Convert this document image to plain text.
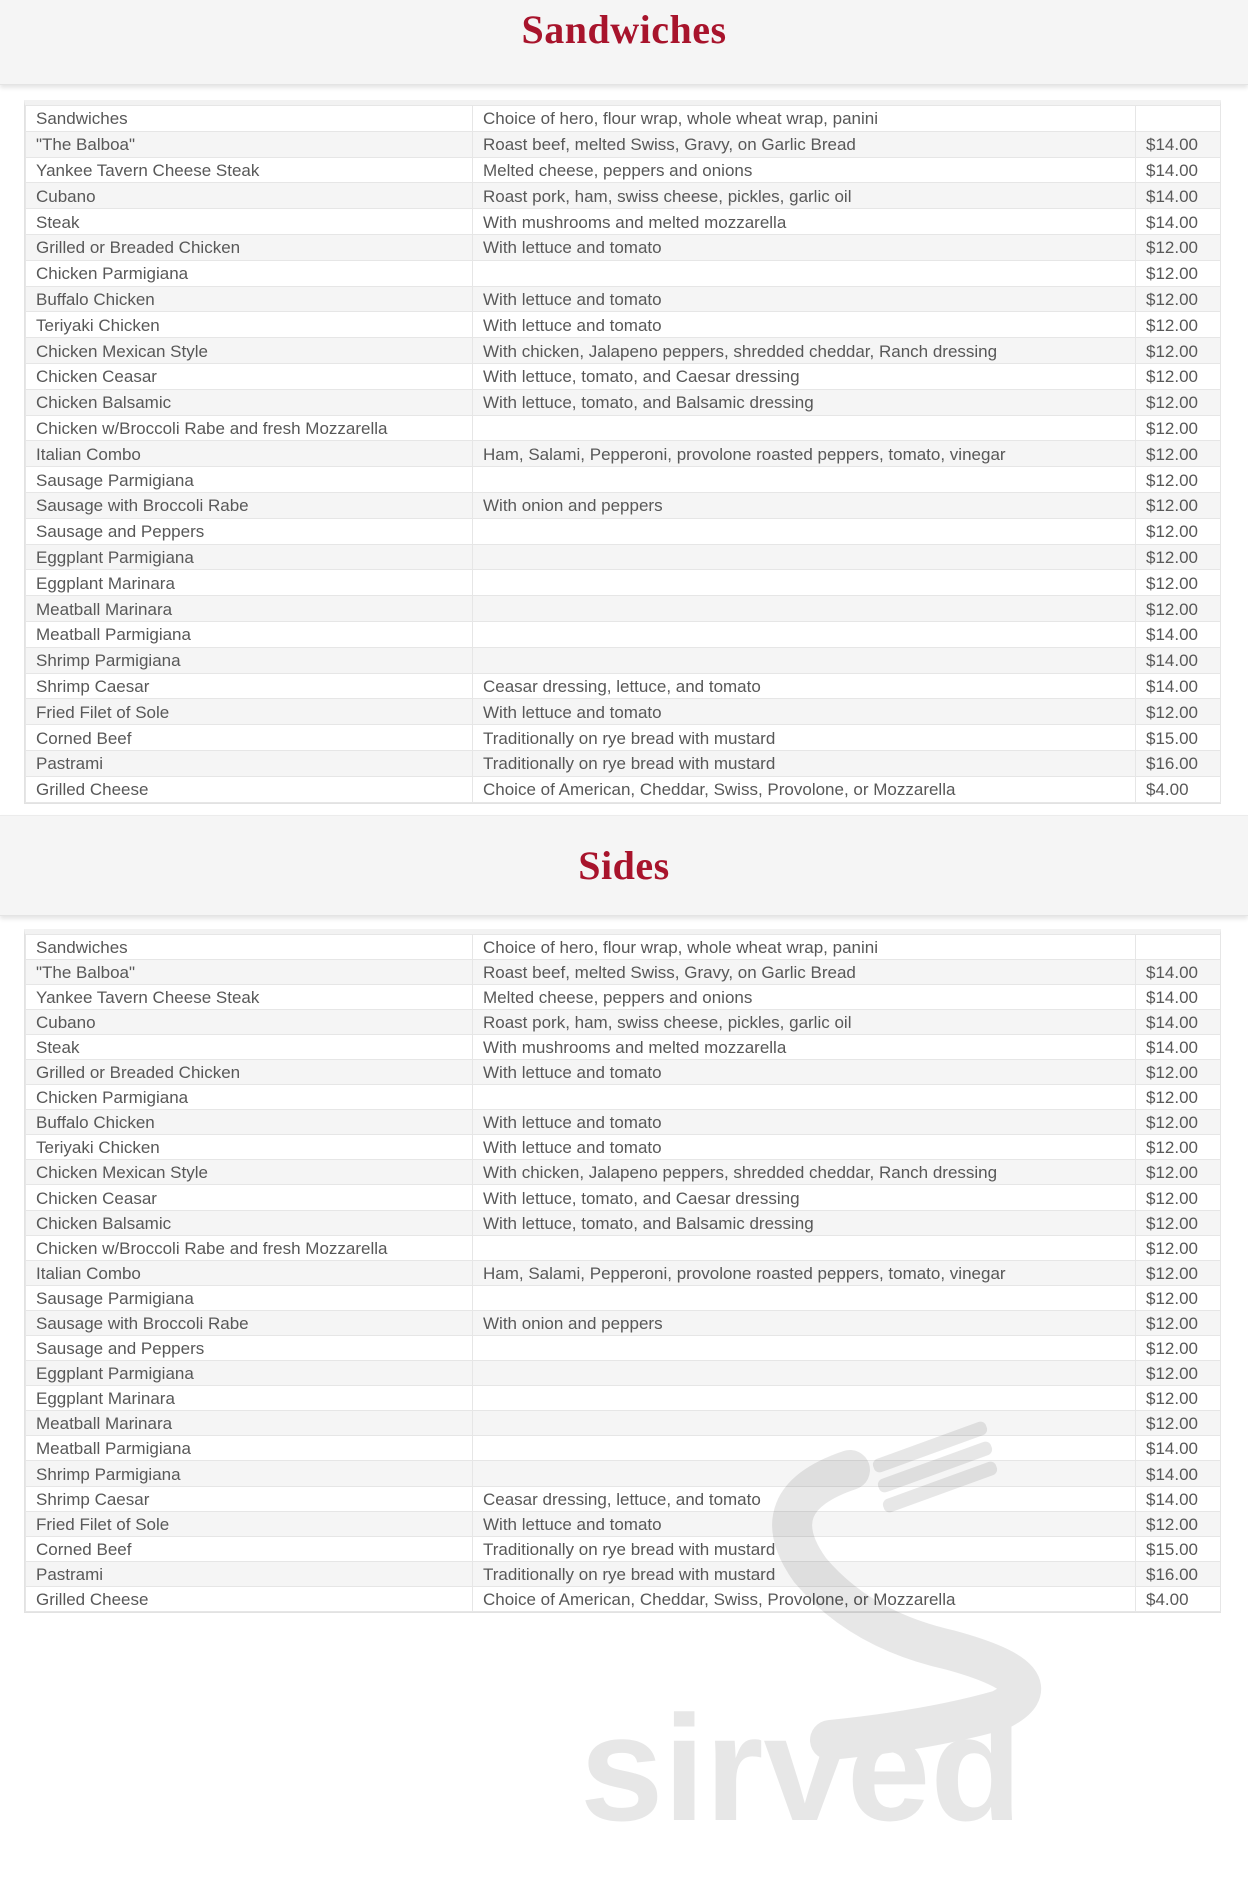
Sandwiches
Sandwiches	Choice of hero, flour wrap, whole wheat wrap, panini	
"The Balboa"	Roast beef, melted Swiss, Gravy, on Garlic Bread	$14.00
Yankee Tavern Cheese Steak	Melted cheese, peppers and onions	$14.00
Cubano	Roast pork, ham, swiss cheese, pickles, garlic oil	$14.00
Steak	With mushrooms and melted mozzarella	$14.00
Grilled or Breaded Chicken	With lettuce and tomato	$12.00
Chicken Parmigiana		$12.00
Buffalo Chicken	With lettuce and tomato	$12.00
Teriyaki Chicken	With lettuce and tomato	$12.00
Chicken Mexican Style	With chicken, Jalapeno peppers, shredded cheddar, Ranch dressing	$12.00
Chicken Ceasar	With lettuce, tomato, and Caesar dressing	$12.00
Chicken Balsamic	With lettuce, tomato, and Balsamic dressing	$12.00
Chicken w/Broccoli Rabe and fresh Mozzarella		$12.00
Italian Combo	Ham, Salami, Pepperoni, provolone roasted peppers, tomato, vinegar	$12.00
Sausage Parmigiana		$12.00
Sausage with Broccoli Rabe	With onion and peppers	$12.00
Sausage and Peppers		$12.00
Eggplant Parmigiana		$12.00
Eggplant Marinara		$12.00
Meatball Marinara		$12.00
Meatball Parmigiana		$14.00
Shrimp Parmigiana		$14.00
Shrimp Caesar	Ceasar dressing, lettuce, and tomato	$14.00
Fried Filet of Sole	With lettuce and tomato	$12.00
Corned Beef	Traditionally on rye bread with mustard	$15.00
Pastrami	Traditionally on rye bread with mustard	$16.00
Grilled Cheese	Choice of American, Cheddar, Swiss, Provolone, or Mozzarella	$4.00
Sides
Sandwiches	Choice of hero, flour wrap, whole wheat wrap, panini	
"The Balboa"	Roast beef, melted Swiss, Gravy, on Garlic Bread	$14.00
Yankee Tavern Cheese Steak	Melted cheese, peppers and onions	$14.00
Cubano	Roast pork, ham, swiss cheese, pickles, garlic oil	$14.00
Steak	With mushrooms and melted mozzarella	$14.00
Grilled or Breaded Chicken	With lettuce and tomato	$12.00
Chicken Parmigiana		$12.00
Buffalo Chicken	With lettuce and tomato	$12.00
Teriyaki Chicken	With lettuce and tomato	$12.00
Chicken Mexican Style	With chicken, Jalapeno peppers, shredded cheddar, Ranch dressing	$12.00
Chicken Ceasar	With lettuce, tomato, and Caesar dressing	$12.00
Chicken Balsamic	With lettuce, tomato, and Balsamic dressing	$12.00
Chicken w/Broccoli Rabe and fresh Mozzarella		$12.00
Italian Combo	Ham, Salami, Pepperoni, provolone roasted peppers, tomato, vinegar	$12.00
Sausage Parmigiana		$12.00
Sausage with Broccoli Rabe	With onion and peppers	$12.00
Sausage and Peppers		$12.00
Eggplant Parmigiana		$12.00
Eggplant Marinara		$12.00
Meatball Marinara		$12.00
Meatball Parmigiana		$14.00
Shrimp Parmigiana		$14.00
Shrimp Caesar	Ceasar dressing, lettuce, and tomato	$14.00
Fried Filet of Sole	With lettuce and tomato	$12.00
Corned Beef	Traditionally on rye bread with mustard	$15.00
Pastrami	Traditionally on rye bread with mustard	$16.00
Grilled Cheese	Choice of American, Cheddar, Swiss, Provolone, or Mozzarella	$4.00
sirved
